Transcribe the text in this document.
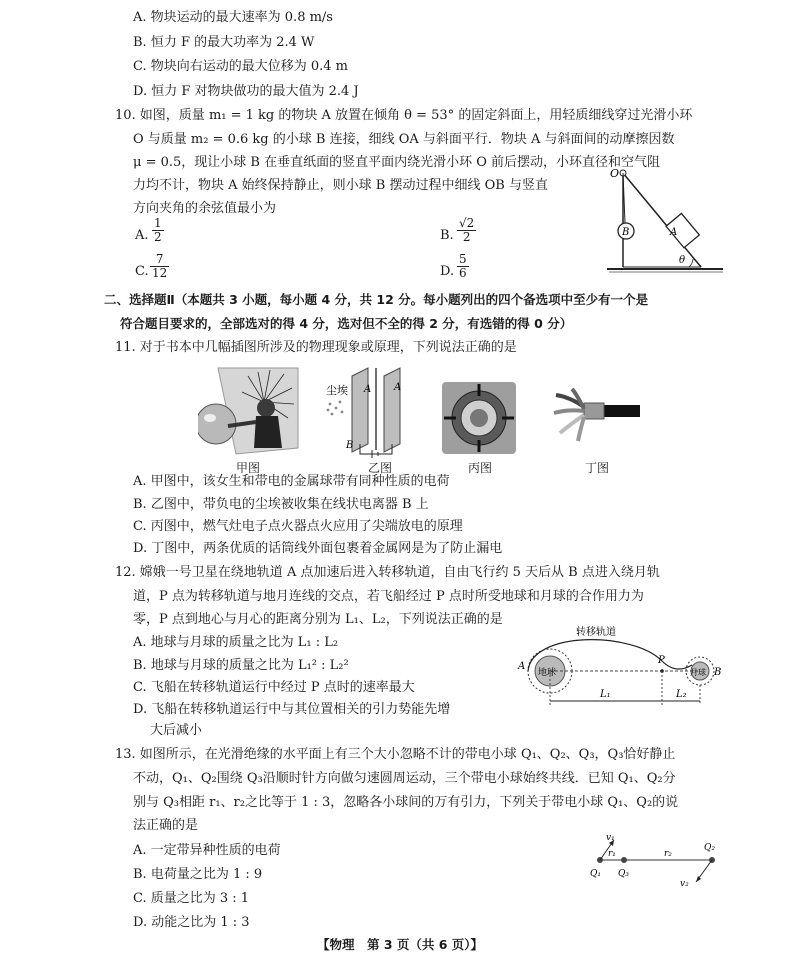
A. 物块运动的最大速率为 0.8 m/s
B. 恒力 F 的最大功率为 2.4 W
C. 物块向右运动的最大位移为 0.4 m
D. 恒力 F 对物块做功的最大值为 2.4 J
10. 如图，质量 m₁ = 1 kg 的物块 A 放置在倾角 θ = 53° 的固定斜面上，用轻质细线穿过光滑小环
O 与质量 m₂ = 0.6 kg 的小球 B 连接，细线 OA 与斜面平行．物块 A 与斜面间的动摩擦因数
μ = 0.5，现让小球 B 在垂直纸面的竖直平面内绕光滑小环 O 前后摆动，小环直径和空气阻
力均不计，物块 A 始终保持静止，则小球 B 摆动过程中细线 OB 与竖直
方向夹角的余弦值最小为
A. $\frac{1}{2}$	B. $\frac{√2}{2}$
C. $\frac{7}{12}$	D. $\frac{5}{6}$
O
B	A
θ
二、选择题Ⅱ（本题共 3 小题，每小题 4 分，共 12 分。每小题列出的四个备选项中至少有一个是
符合题目要求的，全部选对的得 4 分，选对但不全的得 2 分，有选错的得 0 分）
11. 对于书本中几幅插图所涉及的物理现象或原理，下列说法正确的是
尘埃 A A
B
甲图	乙图	丙图	丁图
A. 甲图中，该女生和带电的金属球带有同种性质的电荷
B. 乙图中，带负电的尘埃被收集在线状电离器 B 上
C. 丙图中，燃气灶电子点火器点火应用了尖端放电的原理
D. 丁图中，两条优质的话筒线外面包裹着金属网是为了防止漏电
12. 嫦娥一号卫星在绕地轨道 A 点加速后进入转移轨道，自由飞行约 5 天后从 B 点进入绕月轨
道，P 点为转移轨道与地月连线的交点，若飞船经过 P 点时所受地球和月球的合作用力为
零，P 点到地心与月心的距离分别为 L₁、L₂，下列说法正确的是
A. 地球与月球的质量之比为 L₁ : L₂
B. 地球与月球的质量之比为 L₁² : L₂²
C. 飞船在转移轨道运行中经过 P 点时的速率最大
D. 飞船在转移轨道运行中与其位置相关的引力势能先增
大后减小
转移轨道
地球	月球
A
B
P
L₁	L₂
13. 如图所示，在光滑绝缘的水平面上有三个大小忽略不计的带电小球 Q₁、Q₂、Q₃，Q₃恰好静止
不动，Q₁、Q₂围绕 Q₃沿顺时针方向做匀速圆周运动，三个带电小球始终共线．已知 Q₁、Q₂分
别与 Q₃相距 r₁、r₂之比等于 1 : 3，忽略各小球间的万有引力，下列关于带电小球 Q₁、Q₂的说
法正确的是
A. 一定带异种性质的电荷
B. 电荷量之比为 1 : 9
C. 质量之比为 3 : 1
D. 动能之比为 1 : 3
v₁
v₂
r₁	r₂
Q₁ Q₃
Q₂
【物理　第 3 页（共 6 页）】
